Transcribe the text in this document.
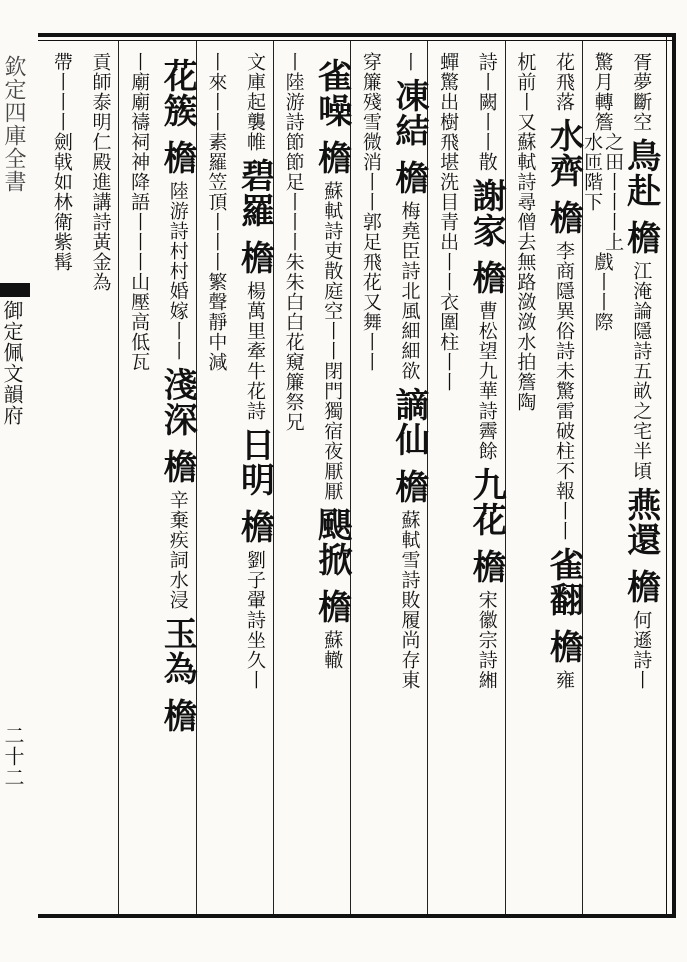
欽定四庫全書
御定佩文韻府
二十二
胥夢斷空
鳥赴
檐
江淹論隱詩五畝之宅半頃
燕還
檐
何遜詩丨
驚月轉簷
之田丨丨丨上
水匝階下
戲丨丨際
花飛落
水齊
檐
李商隱異俗詩未驚雷破柱不報丨丨
雀翻
檐
雍
杌前
丨又蘇軾詩尋僧去無路潋潋水拍簷
陶
詩丨闕丨丨散
謝家
檐
曹松望九華詩霽餘
九花
檐
宋徽宗詩緗
蟬驚出樹飛
堪洗目青出丨丨
衣圍柱丨丨
丨
凍結
檐
梅堯臣詩北風細細欲
謫仙
檐
蘇軾雪詩敗履尚存東
穿簾殘雪微消丨丨
郭足飛花又舞丨丨
雀噪
檐
蘇軾詩吏散庭空丨丨閉門獨宿夜厭厭
颶掀
檐
蘇轍
丨
陸游詩節節足丨丨丨朱朱白白花窺簾
祭兄
文庫起襲帷
碧羅
檐
楊萬里牽牛花詩
日明
檐
劉子翬詩坐久丨
丨來丨丨
素羅笠頂丨丨丨
繁聲靜中減
花簇
檐
陸游詩村村婚嫁丨丨
淺深
檐
辛棄疾詞水浸
玉為
檐
丨廟廟禱祠神降語
丨丨丨山壓高低瓦
貢師泰明仁殿進講詩黃金為
帶丨丨丨劍戟如林衛紫髯
